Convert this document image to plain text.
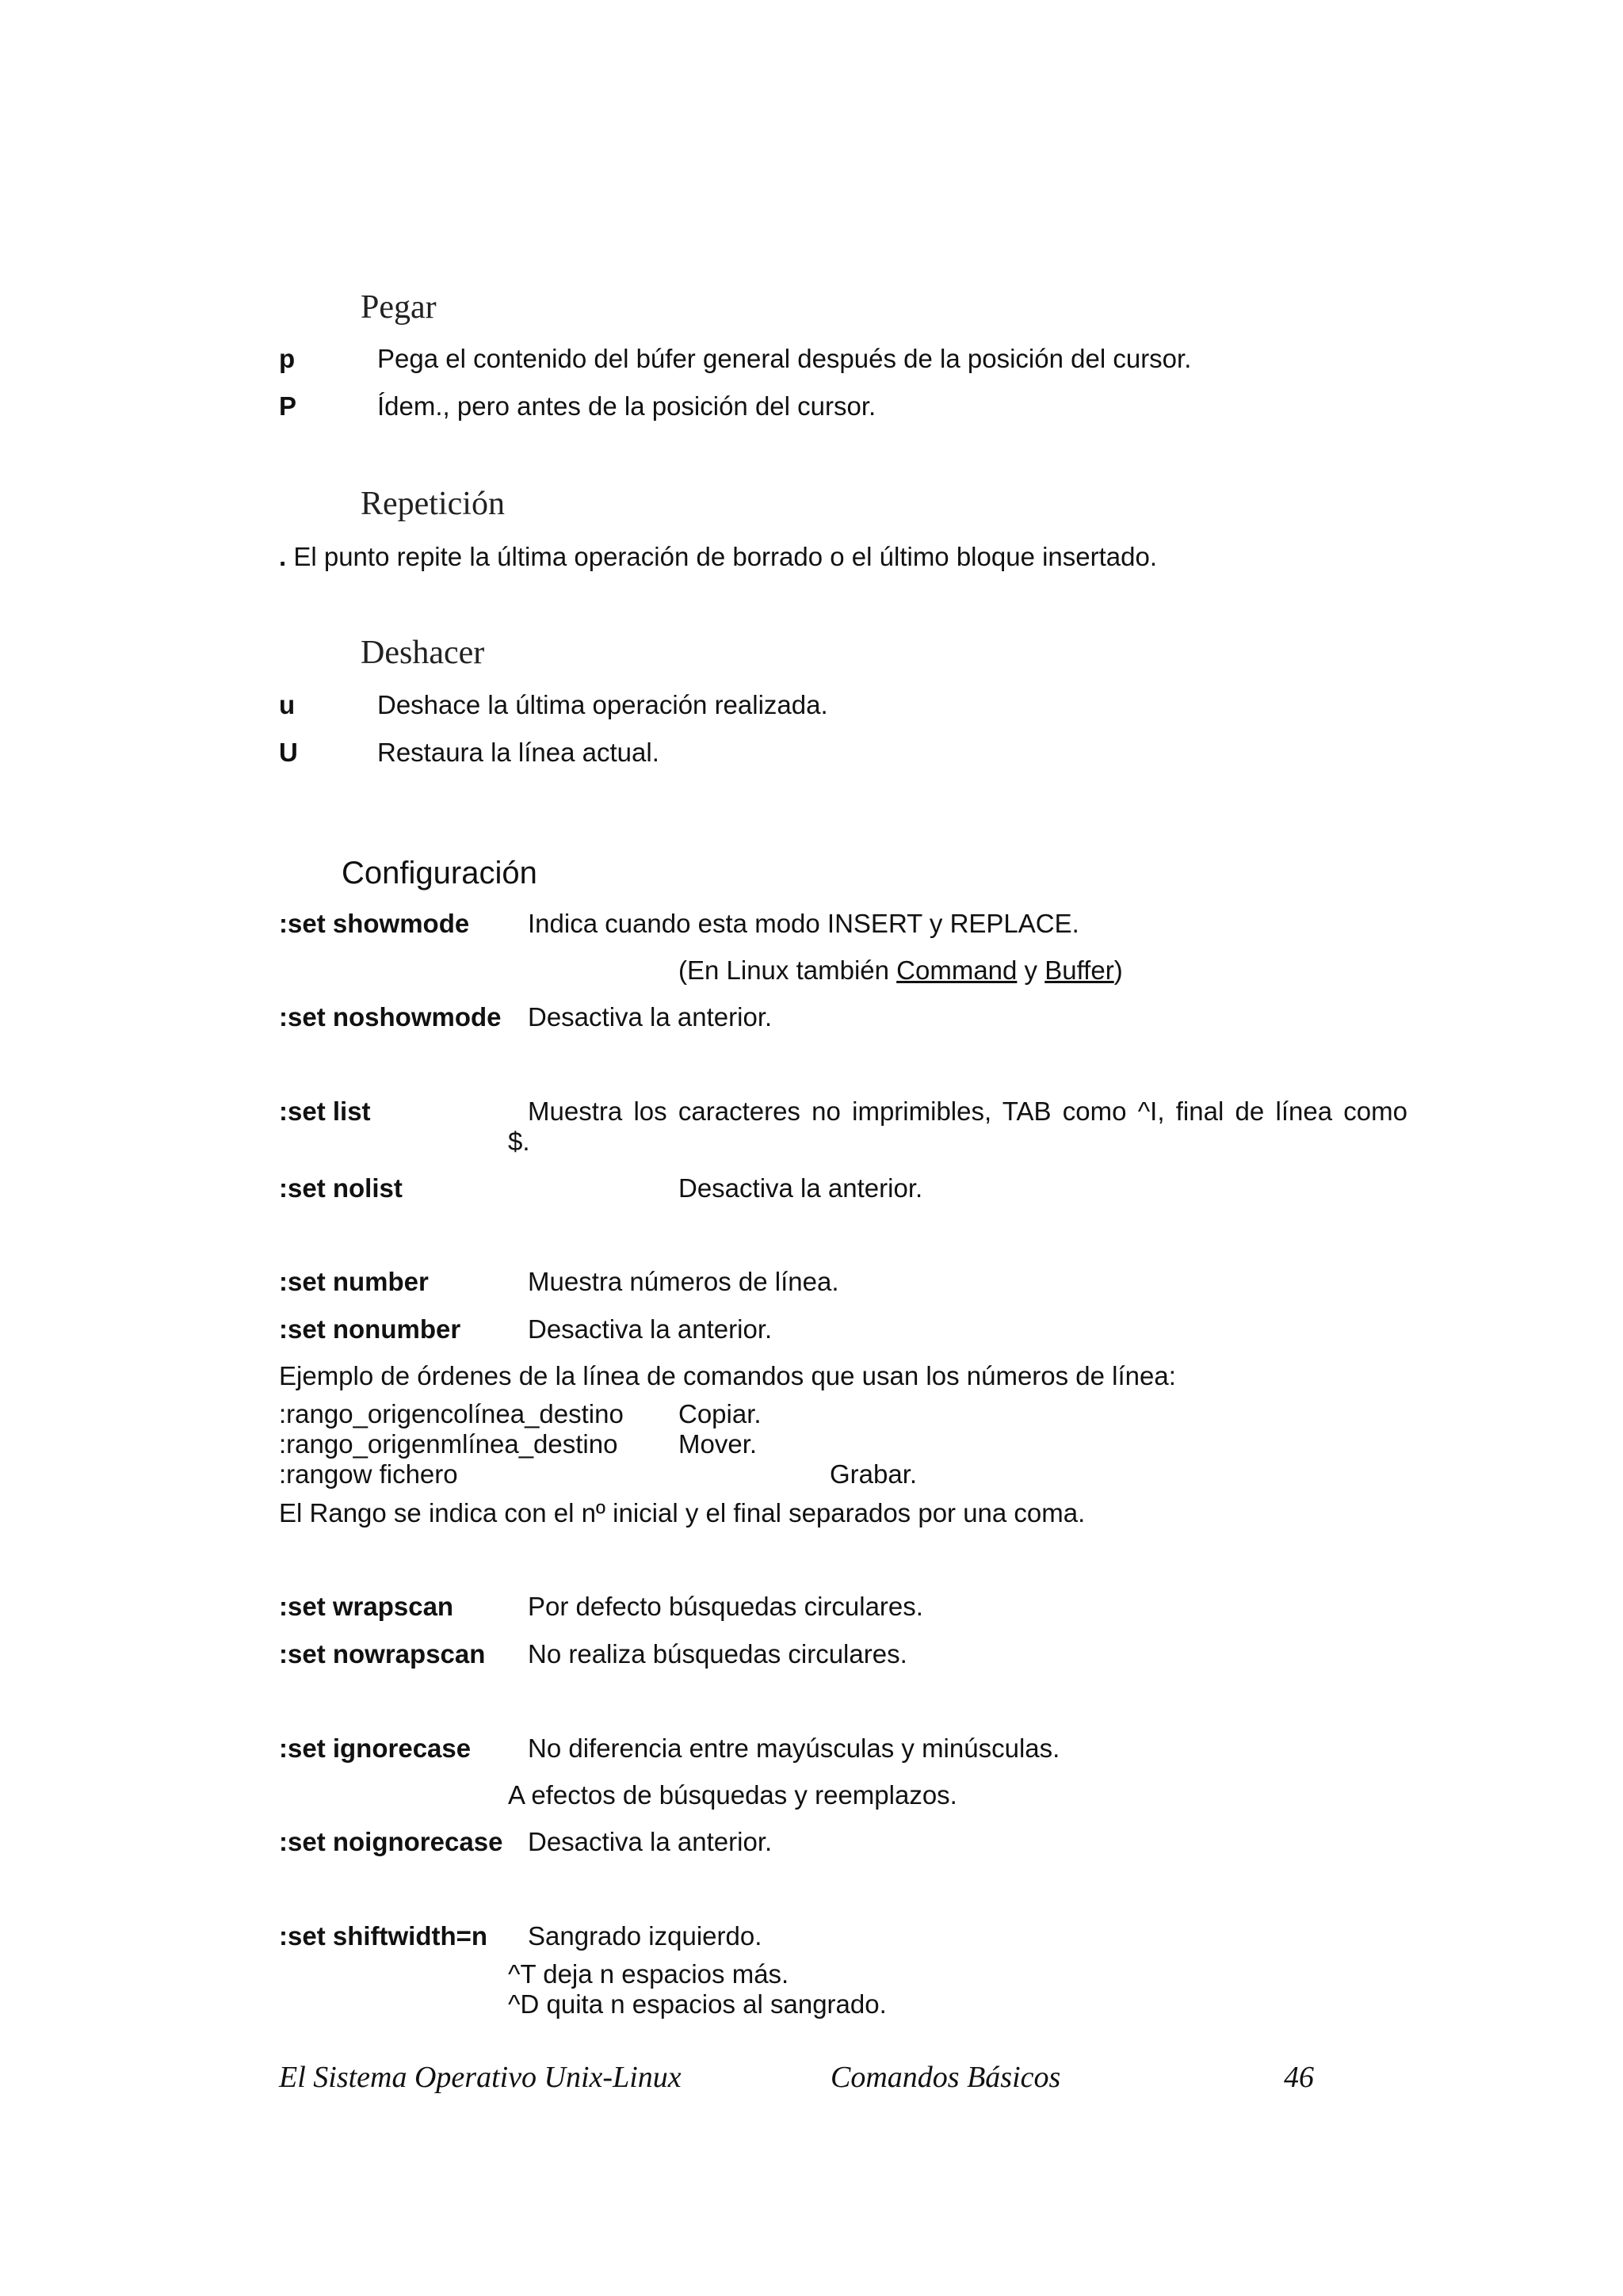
Pegar
p	Pega el contenido del búfer general después de la posición del cursor.
P	Ídem., pero antes de la posición del cursor.
Repetición
. El punto repite la última operación de borrado o el último bloque insertado.
Deshacer
u	Deshace la última operación realizada.
U	Restaura la línea actual.
Configuración
:set showmode Indica cuando esta modo INSERT y REPLACE.
(En Linux también Command y Buffer)
:set noshowmode Desactiva la anterior.
:set list	Muestra los caracteres no imprimibles, TAB como ^I, final de línea como
$.
:set nolist	Desactiva la anterior.
:set number	Muestra números de línea.
:set nonumber	Desactiva la anterior.
Ejemplo de órdenes de la línea de comandos que usan los números de línea:
:rango_origencolínea_destino Copiar.
:rango_origenmlínea_destino Mover.
:rangow fichero	Grabar.
El Rango se indica con el nº inicial y el final separados por una coma.
:set wrapscan	Por defecto búsquedas circulares.
:set nowrapscan No realiza búsquedas circulares.
:set ignorecase No diferencia entre mayúsculas y minúsculas.
A efectos de búsquedas y reemplazos.
:set noignorecase Desactiva la anterior.
:set shiftwidth=n Sangrado izquierdo.
^T deja n espacios más.
^D quita n espacios al sangrado.
El Sistema Operativo Unix-Linux	Comandos Básicos	46
